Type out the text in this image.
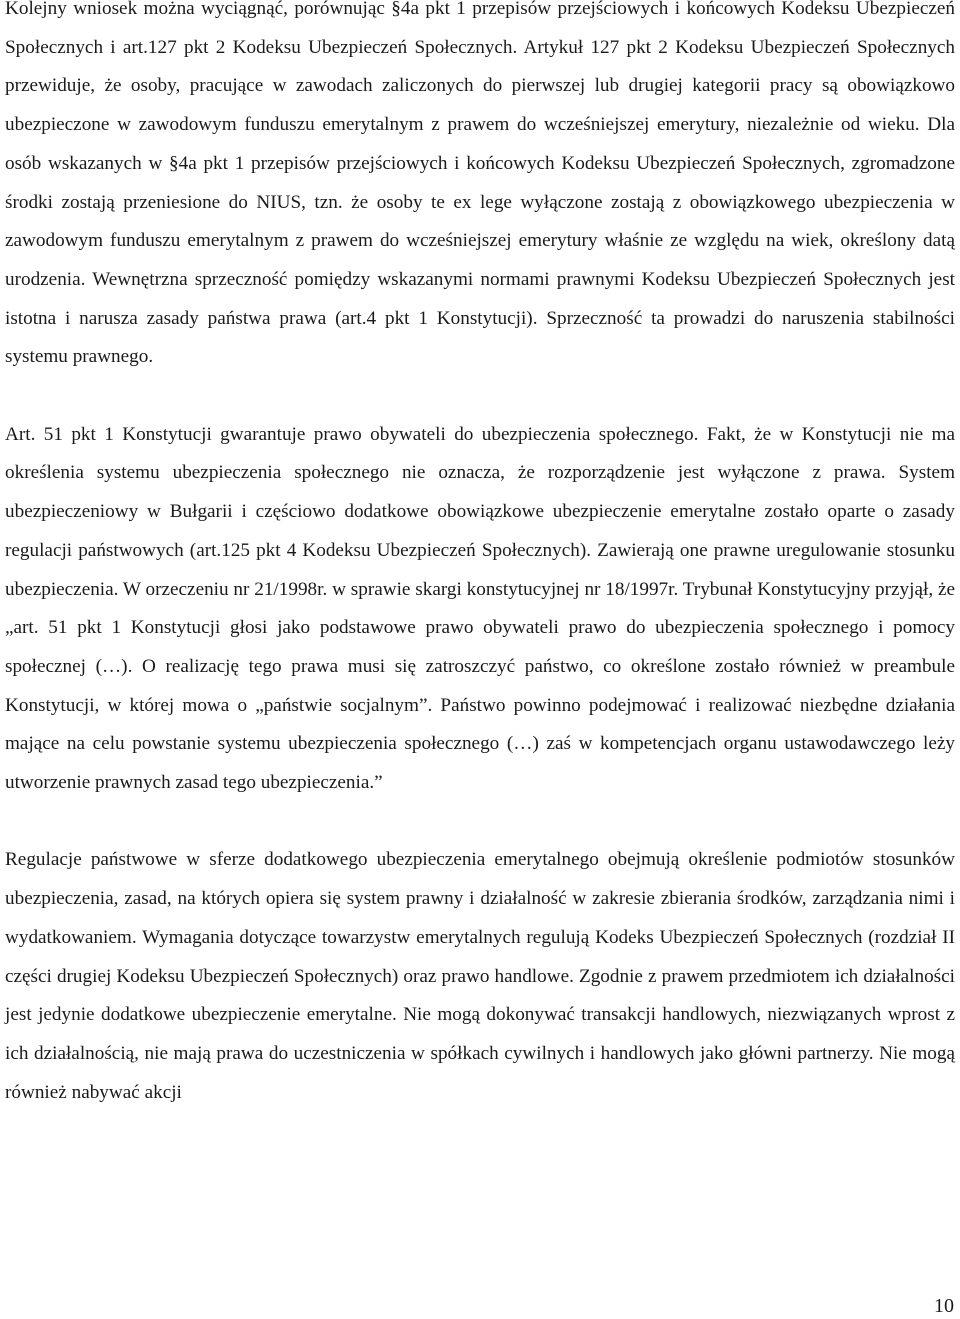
Kolejny wniosek można wyciągnąć, porównując §4a pkt 1 przepisów przejściowych i końcowych Kodeksu Ubezpieczeń Społecznych i art.127 pkt 2 Kodeksu Ubezpieczeń Społecznych. Artykuł 127 pkt 2 Kodeksu Ubezpieczeń Społecznych przewiduje, że osoby, pracujące w zawodach zaliczonych do pierwszej lub drugiej kategorii pracy są obowiązkowo ubezpieczone w zawodowym funduszu emerytalnym z prawem do wcześniejszej emerytury, niezależnie od wieku. Dla osób wskazanych w §4a pkt 1 przepisów przejściowych i końcowych Kodeksu Ubezpieczeń Społecznych, zgromadzone środki zostają przeniesione do NIUS, tzn. że osoby te ex lege wyłączone zostają z obowiązkowego ubezpieczenia w zawodowym funduszu emerytalnym z prawem do wcześniejszej emerytury właśnie ze względu na wiek, określony datą urodzenia. Wewnętrzna sprzeczność pomiędzy wskazanymi normami prawnymi Kodeksu Ubezpieczeń Społecznych jest istotna i narusza zasady państwa prawa (art.4 pkt 1 Konstytucji). Sprzeczność ta prowadzi do naruszenia stabilności systemu prawnego.

Art. 51 pkt 1 Konstytucji gwarantuje prawo obywateli do ubezpieczenia społecznego. Fakt, że w Konstytucji nie ma określenia systemu ubezpieczenia społecznego nie oznacza, że rozporządzenie jest wyłączone z prawa. System ubezpieczeniowy w Bułgarii i częściowo dodatkowe obowiązkowe ubezpieczenie emerytalne zostało oparte o zasady regulacji państwowych (art.125 pkt 4 Kodeksu Ubezpieczeń Społecznych). Zawierają one prawne uregulowanie stosunku ubezpieczenia. W orzeczeniu nr 21/1998r. w sprawie skargi konstytucyjnej nr 18/1997r. Trybunał Konstytucyjny przyjął, że „art. 51 pkt 1 Konstytucji głosi jako podstawowe prawo obywateli prawo do ubezpieczenia społecznego i pomocy społecznej (…). O realizację tego prawa musi się zatroszczyć państwo, co określone zostało również w preambule Konstytucji, w której mowa o „państwie socjalnym”. Państwo powinno podejmować i realizować niezbędne działania mające na celu powstanie systemu ubezpieczenia społecznego (…) zaś w kompetencjach organu ustawodawczego leży utworzenie prawnych zasad tego ubezpieczenia.”

Regulacje państwowe w sferze dodatkowego ubezpieczenia emerytalnego obejmują określenie podmiotów stosunków ubezpieczenia, zasad, na których opiera się system prawny i działalność w zakresie zbierania środków, zarządzania nimi i wydatkowaniem. Wymagania dotyczące towarzystw emerytalnych regulują Kodeks Ubezpieczeń Społecznych (rozdział II części drugiej Kodeksu Ubezpieczeń Społecznych) oraz prawo handlowe. Zgodnie z prawem przedmiotem ich działalności jest jedynie dodatkowe ubezpieczenie emerytalne. Nie mogą dokonywać transakcji handlowych, niezwiązanych wprost z ich działalnością, nie mają prawa do uczestniczenia w spółkach cywilnych i handlowych jako główni partnerzy. Nie mogą również nabywać akcji

10
